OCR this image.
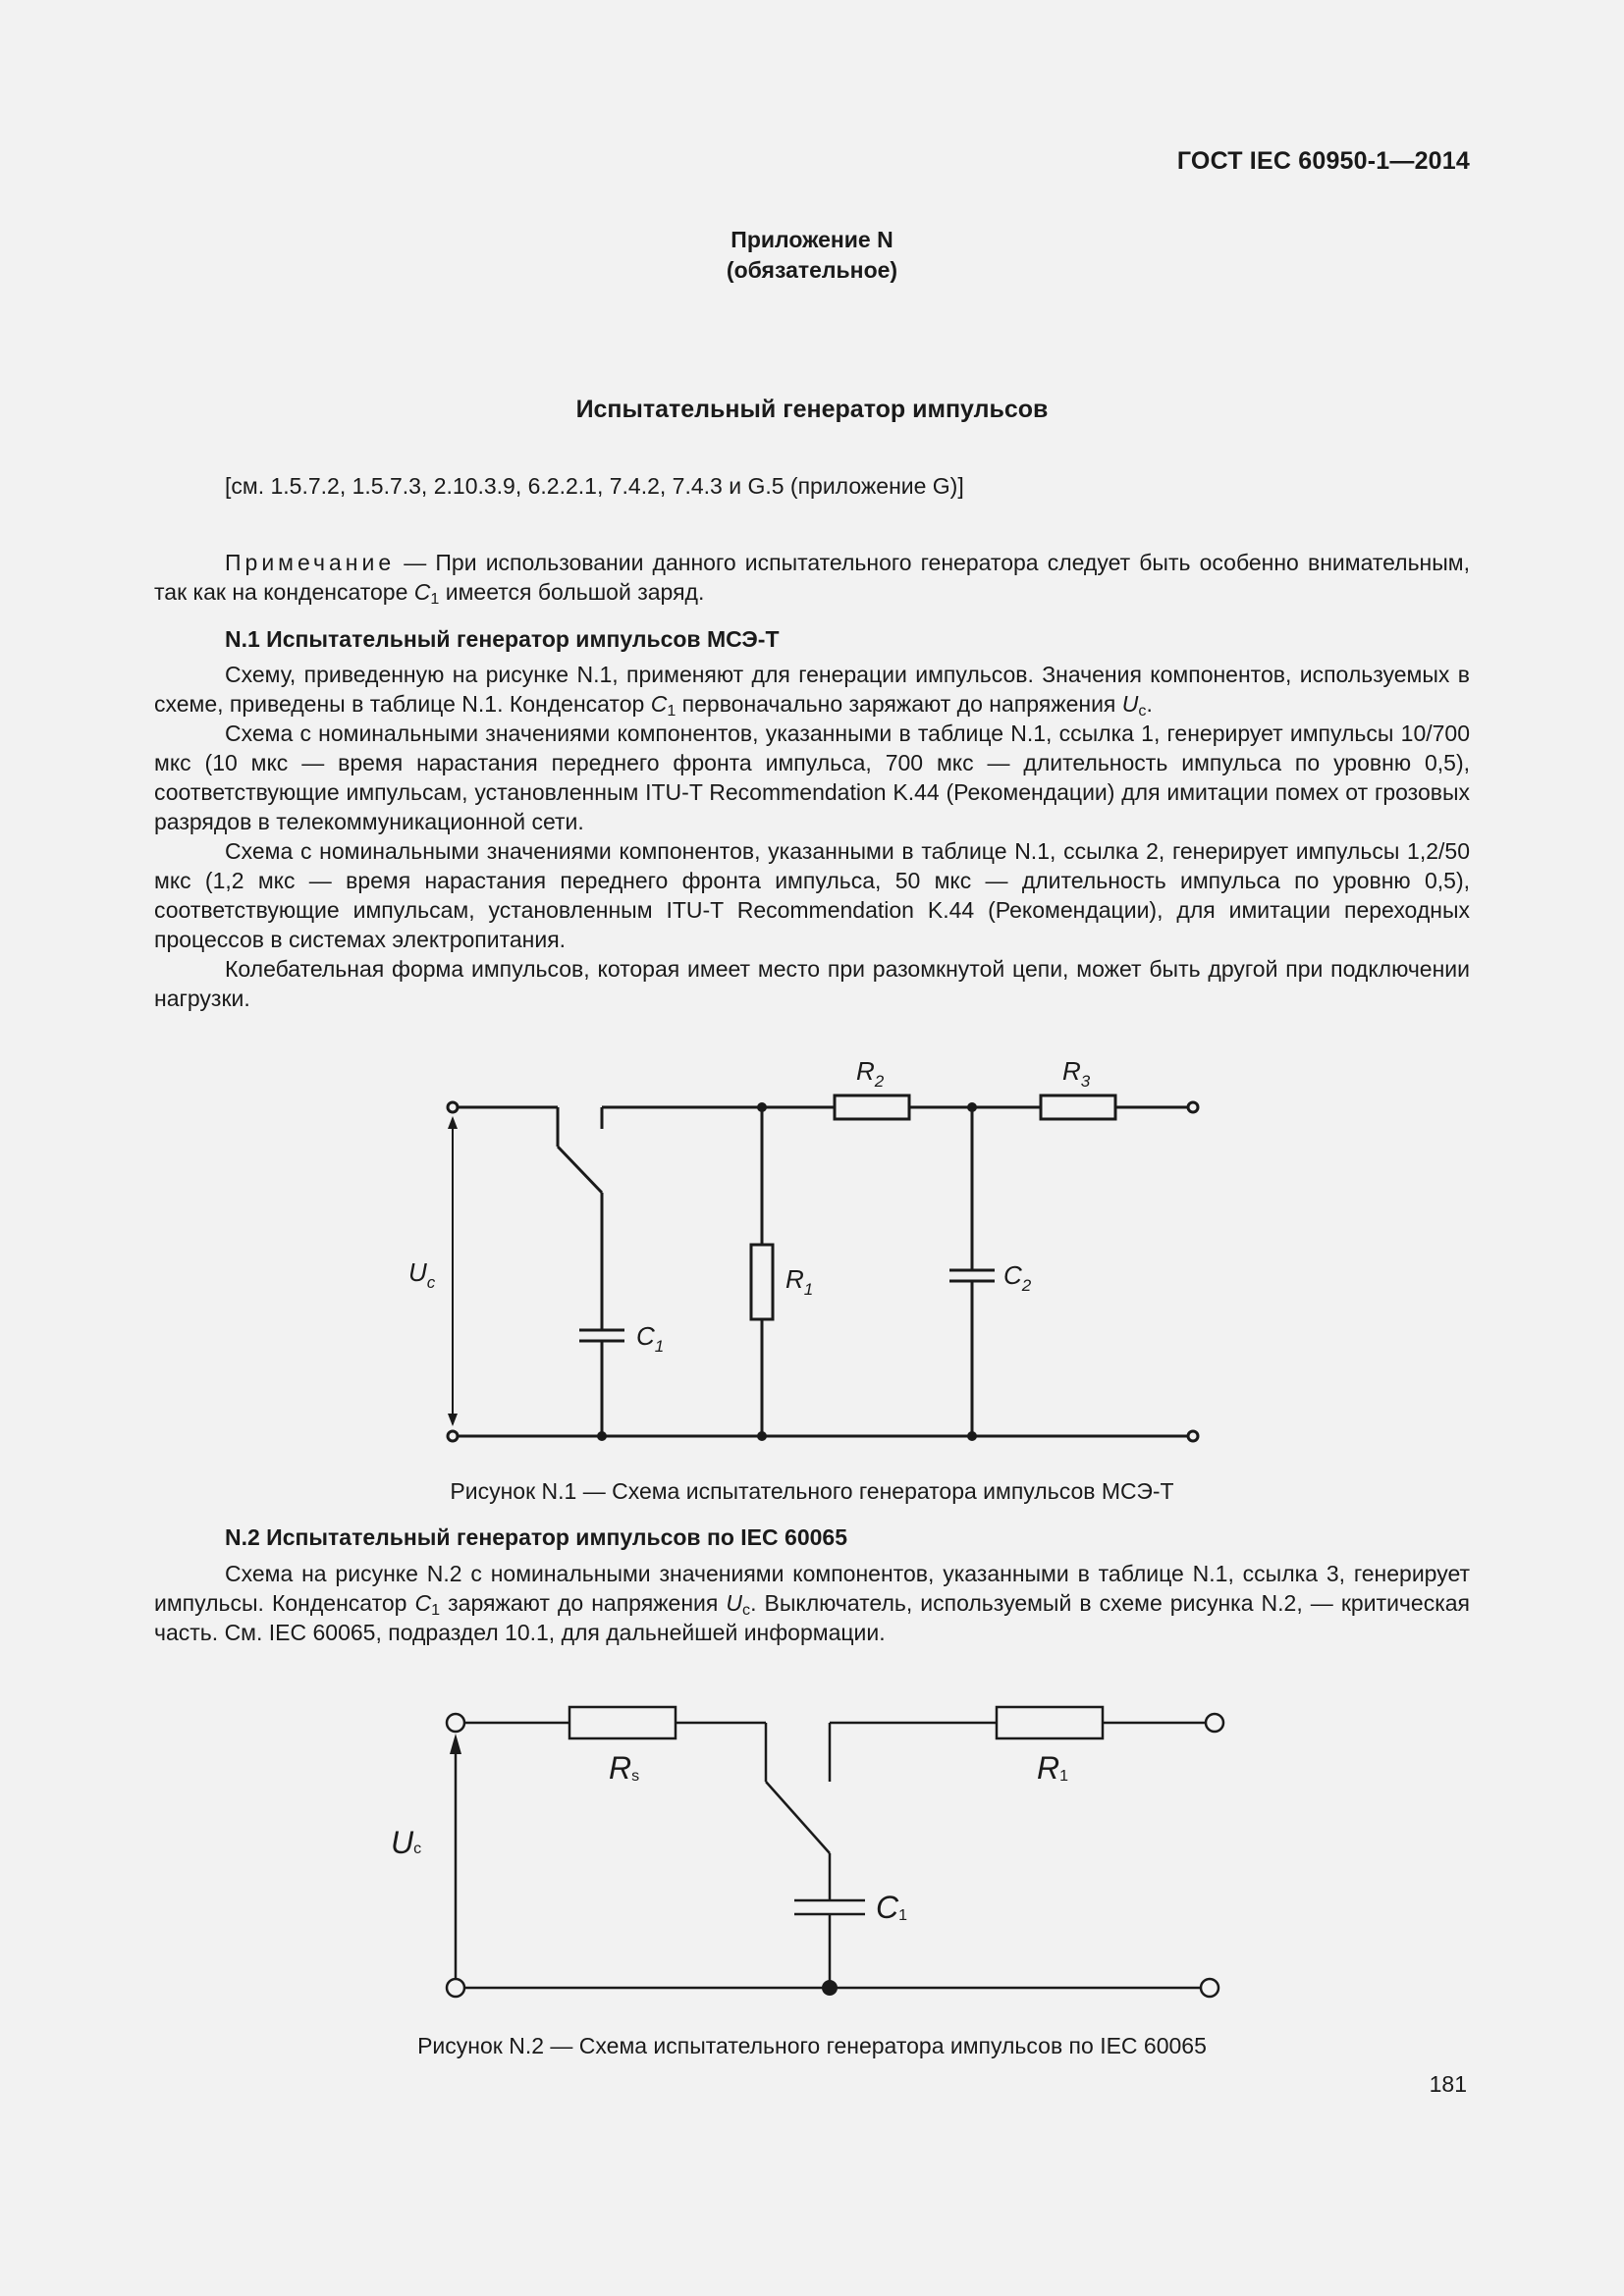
ГОСТ IEC 60950-1—2014
Приложение N
(обязательное)
Испытательный генератор импульсов
[см. 1.5.7.2, 1.5.7.3, 2.10.3.9, 6.2.2.1, 7.4.2, 7.4.3 и G.5 (приложение G)]
Примечание — При использовании данного испытательного генератора следует быть особенно внимательным, так как на конденсаторе $C_1$ имеется большой заряд.
N.1 Испытательный генератор импульсов МСЭ-Т
Схему, приведенную на рисунке N.1, применяют для генерации импульсов. Значения компонентов, используемых в схеме, приведены в таблице N.1. Конденсатор $C_1$ первоначально заряжают до напряжения $U_c$.
Схема с номинальными значениями компонентов, указанными в таблице N.1, ссылка 1, генерирует импульсы 10/700 мкс (10 мкс — время нарастания переднего фронта импульса, 700 мкс — длительность импульса по уровню 0,5), соответствующие импульсам, установленным ITU-T Recommendation K.44 (Рекомендации) для имитации помех от грозовых разрядов в телекоммуникационной сети.
Схема с номинальными значениями компонентов, указанными в таблице N.1, ссылка 2, генерирует импульсы 1,2/50 мкс (1,2 мкс — время нарастания переднего фронта импульса, 50 мкс — длительность импульса по уровню 0,5), соответствующие импульсам, установленным ITU-T Recommendation K.44 (Рекомендации), для имитации переходных процессов в системах электропитания.
Колебательная форма импульсов, которая имеет место при разомкнутой цепи, может быть другой при подключении нагрузки.
$U_c$
$C_1$
$R_1$
$R_2$	$R_3$
$C_2$
Рисунок N.1 — Схема испытательного генератора импульсов МСЭ-Т
N.2 Испытательный генератор импульсов по IEC 60065
Схема на рисунке N.2 с номинальными значениями компонентов, указанными в таблице N.1, ссылка 3, генерирует импульсы. Конденсатор $C_1$ заряжают до напряжения $U_c$. Выключатель, используемый в схеме рисунка N.2, — критическая часть. См. IEC 60065, подраздел 10.1, для дальнейшей информации.
Uc
Rs	R1
C1
Рисунок N.2 — Схема испытательного генератора импульсов по IEC 60065
181
